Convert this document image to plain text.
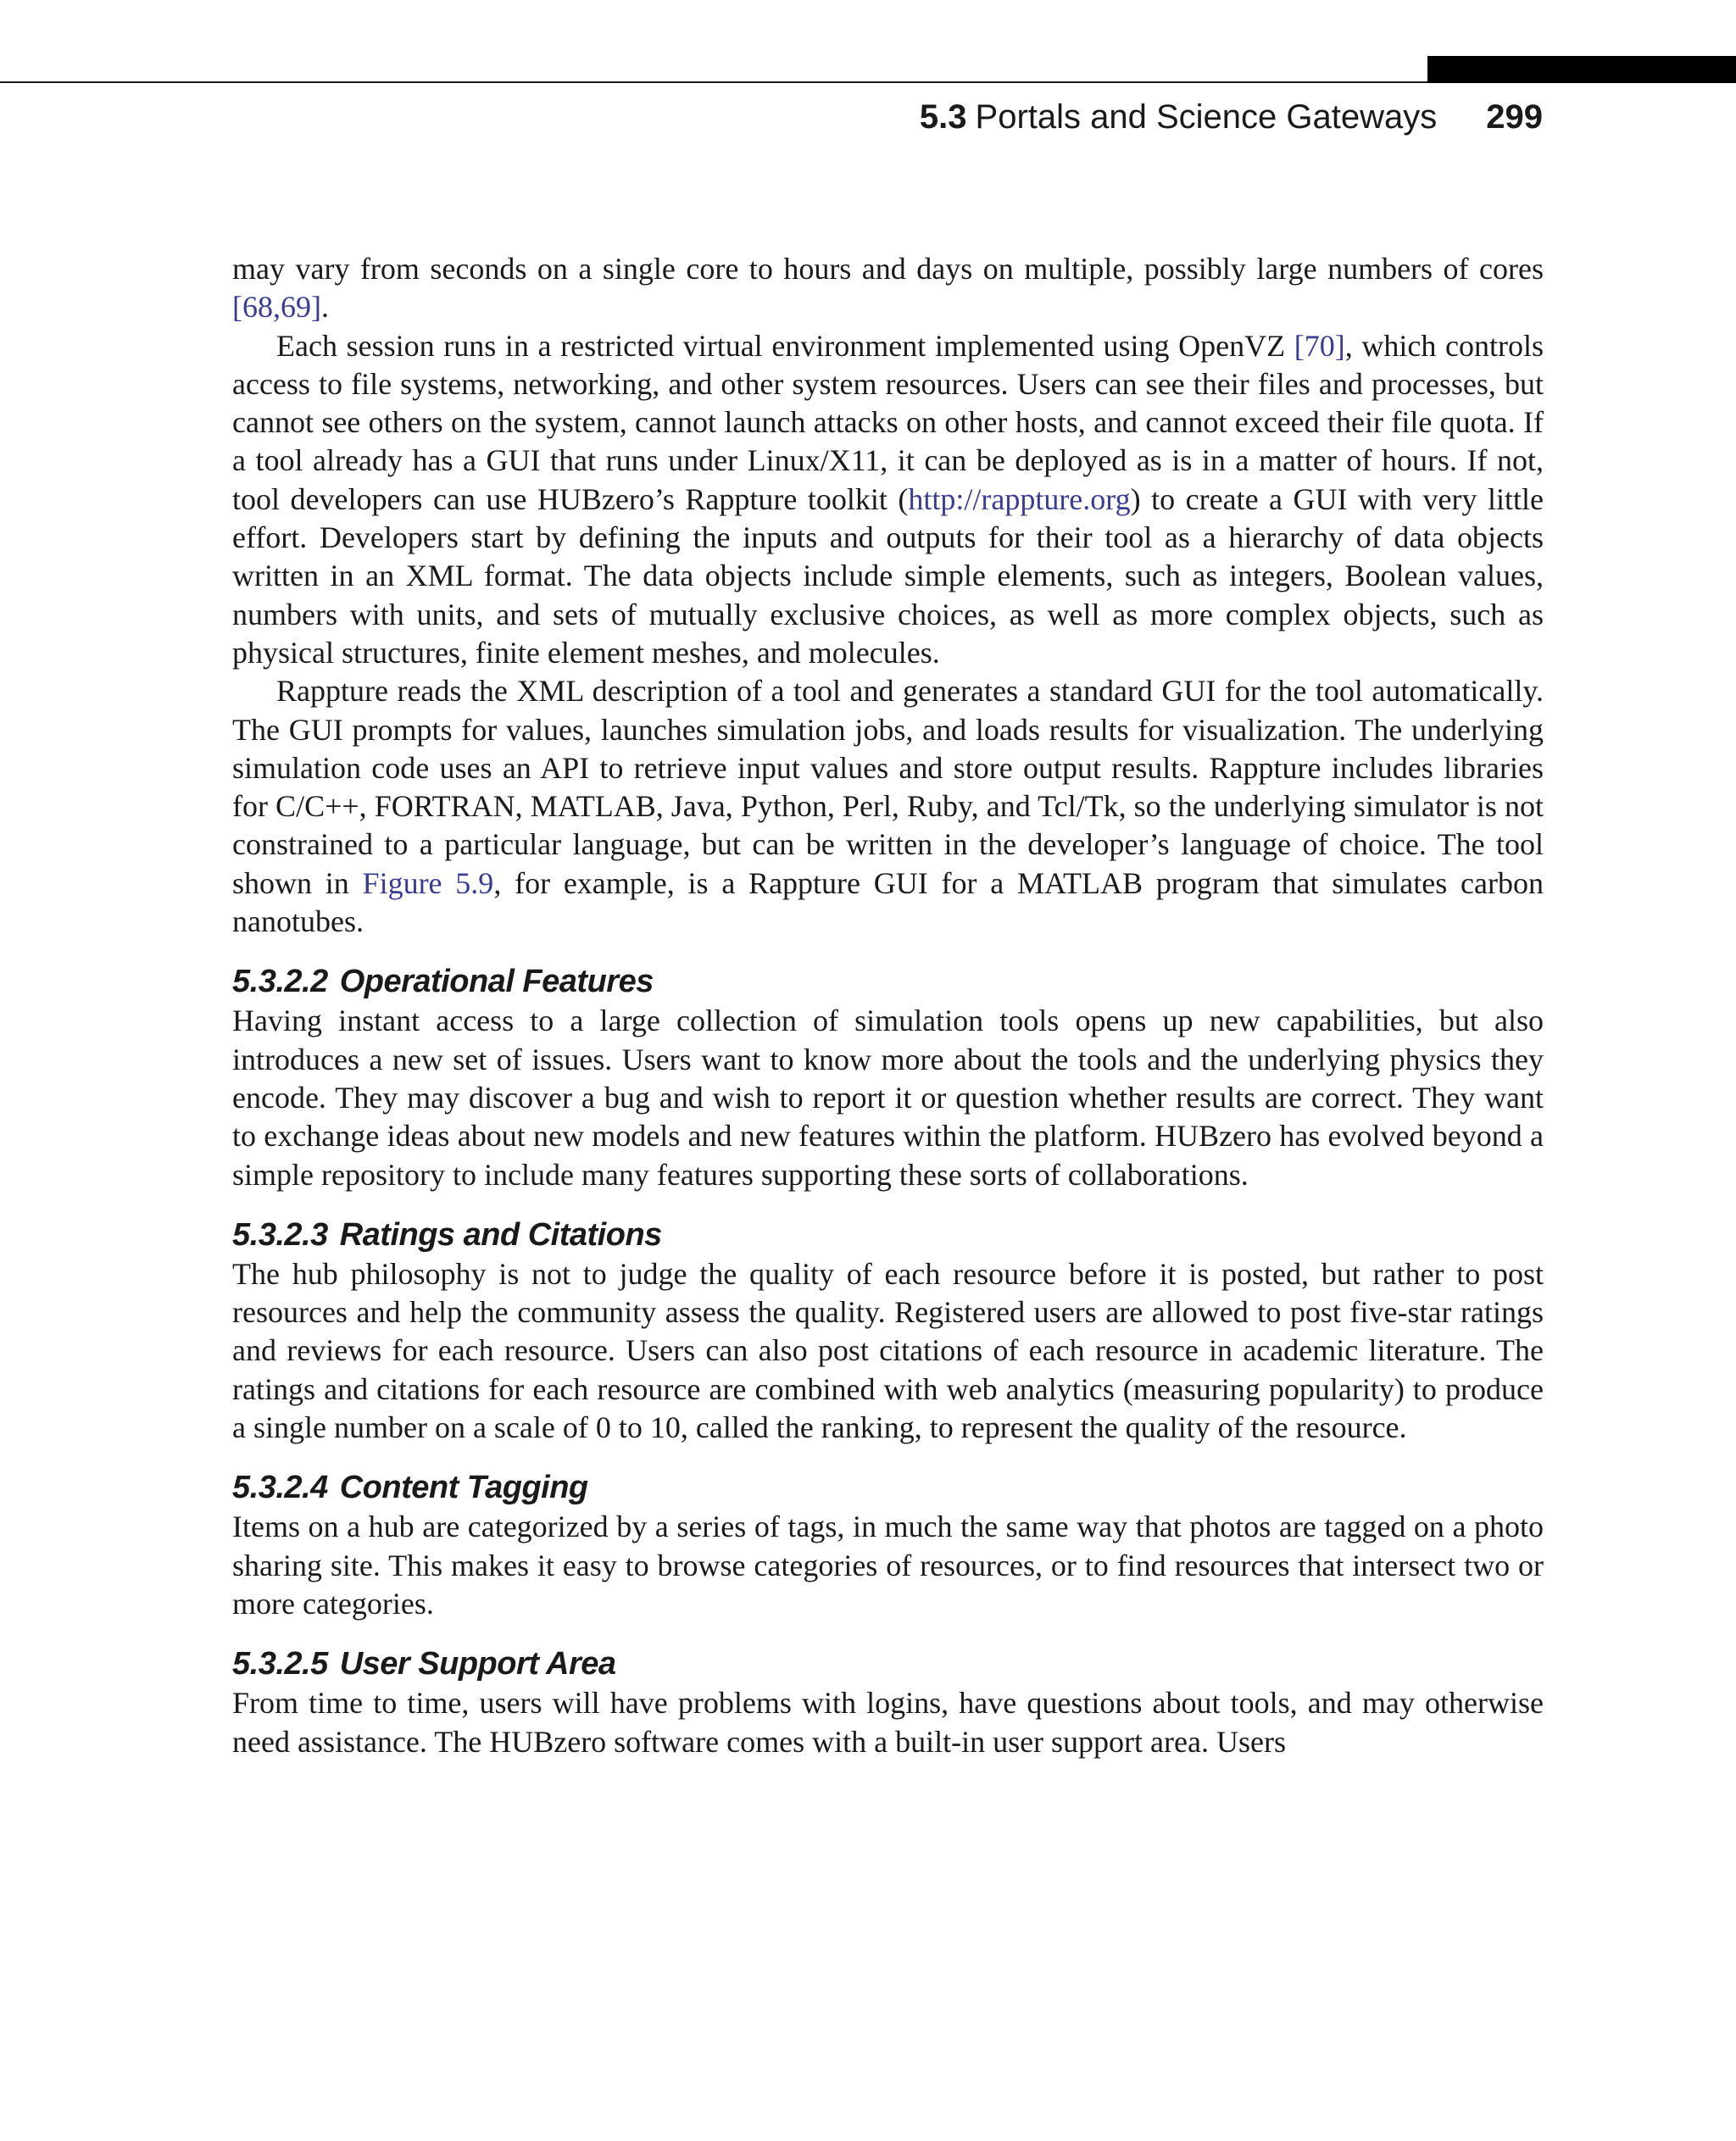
5.3 Portals and Science Gateways 299

may vary from seconds on a single core to hours and days on multiple, possibly large numbers of cores [68,69].

Each session runs in a restricted virtual environment implemented using OpenVZ [70], which controls access to file systems, networking, and other system resources. Users can see their files and processes, but cannot see others on the system, cannot launch attacks on other hosts, and cannot exceed their file quota. If a tool already has a GUI that runs under Linux/X11, it can be deployed as is in a matter of hours. If not, tool developers can use HUBzero’s Rappture toolkit (http://rappture.org) to create a GUI with very little effort. Developers start by defining the inputs and outputs for their tool as a hierarchy of data objects written in an XML format. The data objects include simple elements, such as integers, Boolean values, numbers with units, and sets of mutually exclusive choices, as well as more complex objects, such as physical structures, finite element meshes, and molecules.

Rappture reads the XML description of a tool and generates a standard GUI for the tool automatically. The GUI prompts for values, launches simulation jobs, and loads results for visualization. The underlying simulation code uses an API to retrieve input values and store output results. Rappture includes libraries for C/C++, FORTRAN, MATLAB, Java, Python, Perl, Ruby, and Tcl/Tk, so the underlying simulator is not constrained to a particular language, but can be written in the developer’s language of choice. The tool shown in Figure 5.9, for example, is a Rappture GUI for a MATLAB program that simulates carbon nanotubes.

5.3.2.2 Operational Features

Having instant access to a large collection of simulation tools opens up new capabilities, but also introduces a new set of issues. Users want to know more about the tools and the underlying physics they encode. They may discover a bug and wish to report it or question whether results are correct. They want to exchange ideas about new models and new features within the platform. HUBzero has evolved beyond a simple repository to include many features supporting these sorts of collaborations.

5.3.2.3 Ratings and Citations

The hub philosophy is not to judge the quality of each resource before it is posted, but rather to post resources and help the community assess the quality. Registered users are allowed to post five-star ratings and reviews for each resource. Users can also post citations of each resource in academic literature. The ratings and citations for each resource are combined with web analytics (measuring popularity) to produce a single number on a scale of 0 to 10, called the ranking, to represent the quality of the resource.

5.3.2.4 Content Tagging

Items on a hub are categorized by a series of tags, in much the same way that photos are tagged on a photo sharing site. This makes it easy to browse categories of resources, or to find resources that intersect two or more categories.

5.3.2.5 User Support Area

From time to time, users will have problems with logins, have questions about tools, and may otherwise need assistance. The HUBzero software comes with a built-in user support area. Users
